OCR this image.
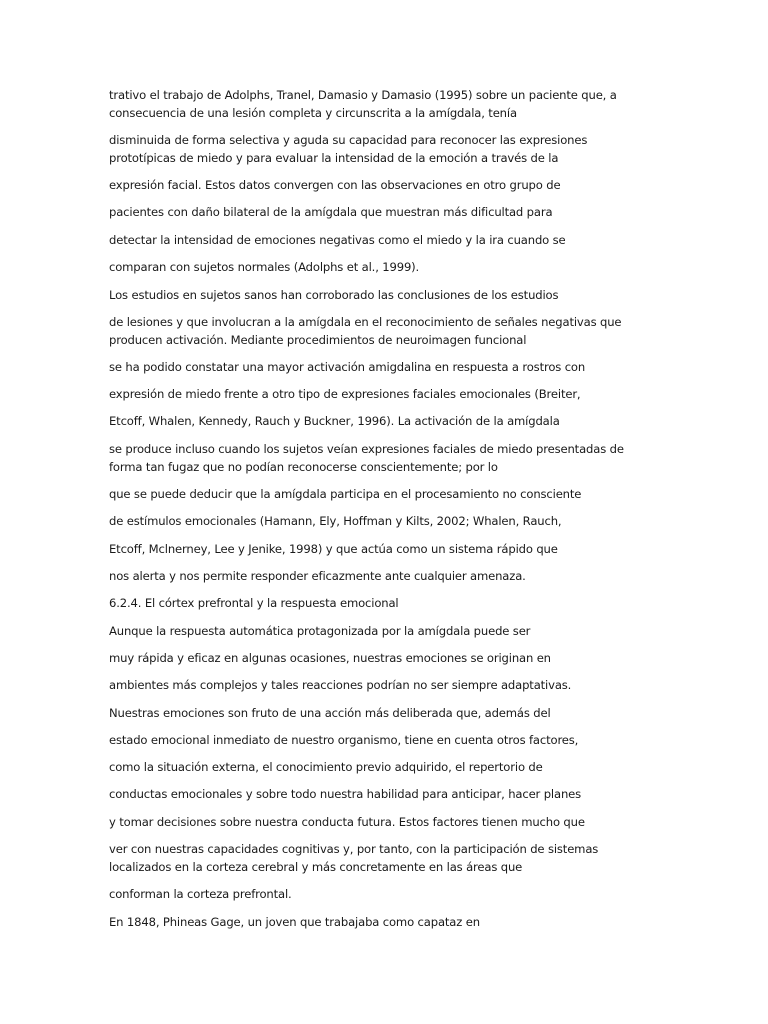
trativo el trabajo de Adolphs, Tranel, Damasio y Damasio (1995) sobre un paciente que, a

consecuencia de una lesión completa y circunscrita a la amígdala, tenía

disminuida de forma selectiva y aguda su capacidad para reconocer las expresiones

prototípicas de miedo y para evaluar la intensidad de la emoción a través de la

expresión facial. Estos datos convergen con las observaciones en otro grupo de

pacientes con daño bilateral de la amígdala que muestran más dificultad para

detectar la intensidad de emociones negativas como el miedo y la ira cuando se

comparan con sujetos normales (Adolphs et al., 1999).

Los estudios en sujetos sanos han corroborado las conclusiones de los estudios

de lesiones y que involucran a la amígdala en el reconocimiento de señales negativas que

producen activación. Mediante procedimientos de neuroimagen funcional

se ha podido constatar una mayor activación amigdalina en respuesta a rostros con

expresión de miedo frente a otro tipo de expresiones faciales emocionales (Breiter,

Etcoff, Whalen, Kennedy, Rauch y Buckner, 1996). La activación de la amígdala

se produce incluso cuando los sujetos veían expresiones faciales de miedo presentadas de

forma tan fugaz que no podían reconocerse conscientemente; por lo

que se puede deducir que la amígdala participa en el procesamiento no consciente

de estímulos emocionales (Hamann, Ely, Hoffman y Kilts, 2002; Whalen, Rauch,

Etcoff, Mclnerney, Lee y Jenike, 1998) y que actúa como un sistema rápido que

nos alerta y nos permite responder eficazmente ante cualquier amenaza.

6.2.4. El córtex prefrontal y la respuesta emocional

Aunque la respuesta automática protagonizada por la amígdala puede ser

muy rápida y eficaz en algunas ocasiones, nuestras emociones se originan en

ambientes más complejos y tales reacciones podrían no ser siempre adaptativas.

Nuestras emociones son fruto de una acción más deliberada que, además del

estado emocional inmediato de nuestro organismo, tiene en cuenta otros factores,

como la situación externa, el conocimiento previo adquirido, el repertorio de

conductas emocionales y sobre todo nuestra habilidad para anticipar, hacer planes

y tomar decisiones sobre nuestra conducta futura. Estos factores tienen mucho que

ver con nuestras capacidades cognitivas y, por tanto, con la participación de sistemas

localizados en la corteza cerebral y más concretamente en las áreas que

conforman la corteza prefrontal.

En 1848, Phineas Gage, un joven que trabajaba como capataz en
